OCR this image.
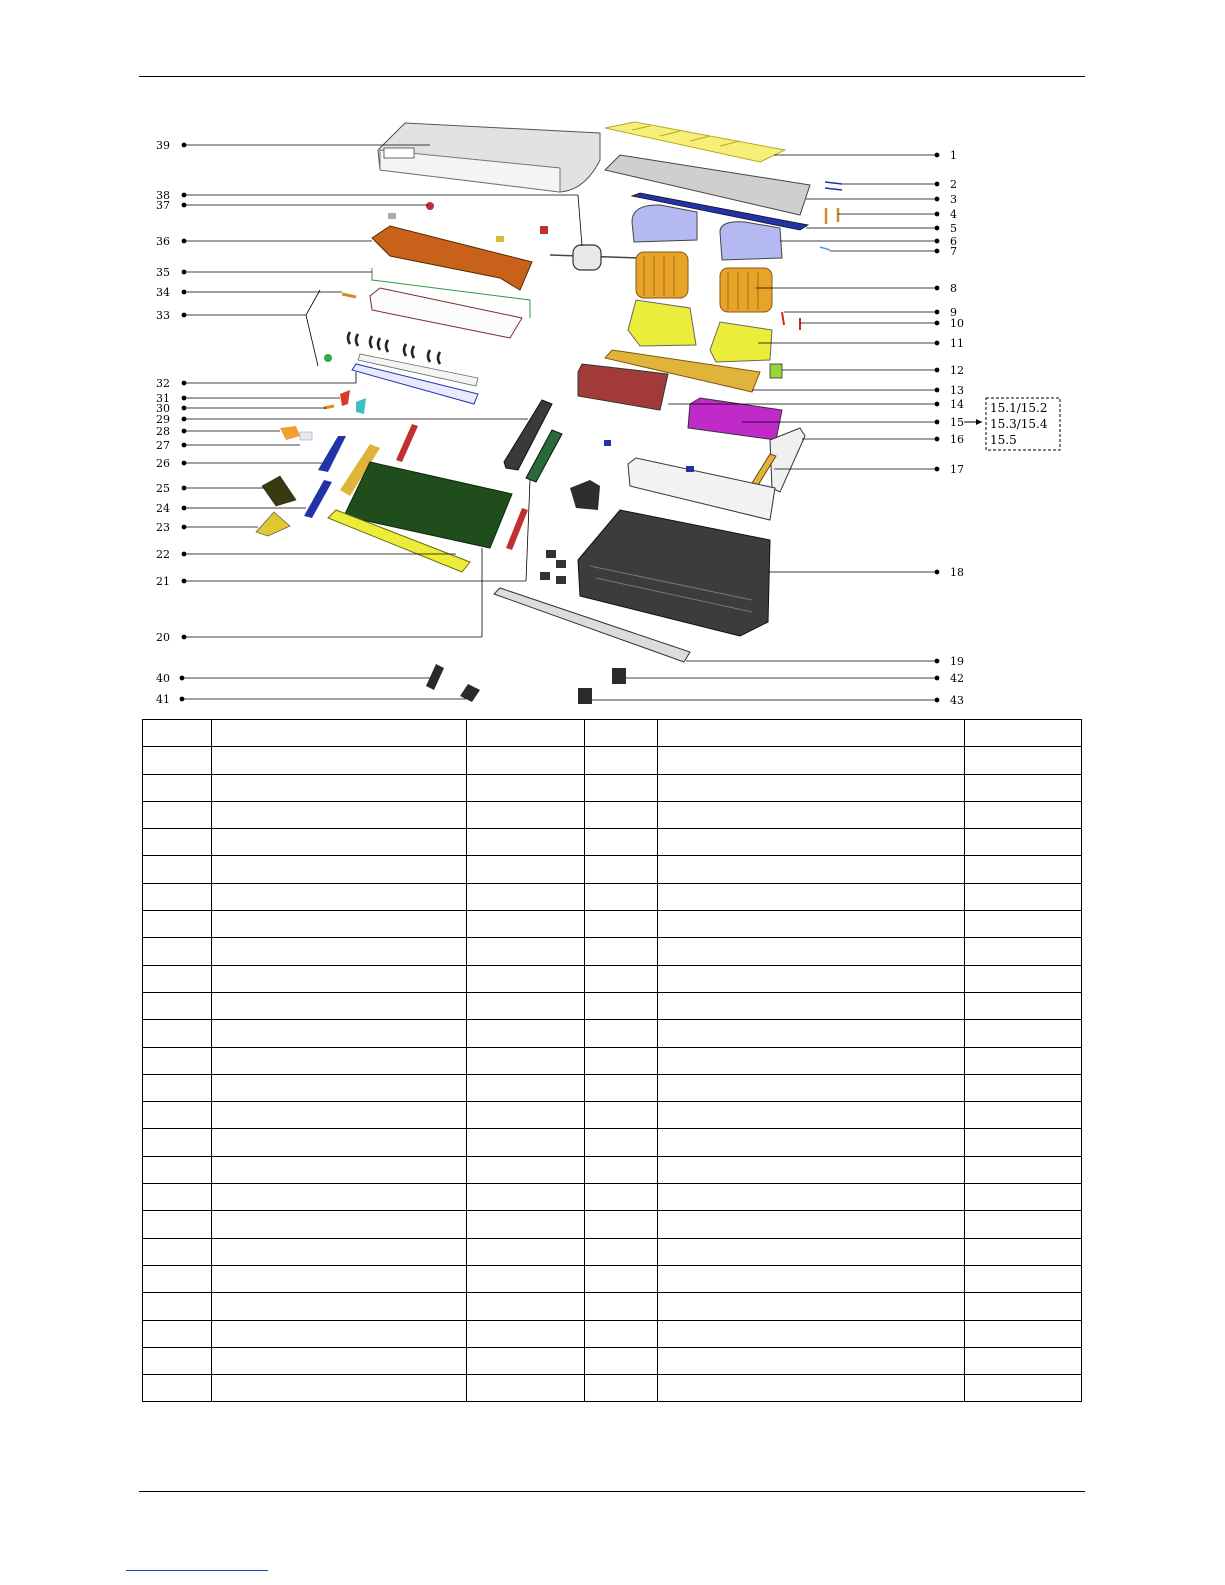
39
38
37
36
35
34
33
32
31
30
29
28
27
26
25
24
23
22
21
20
40
41
1
2
3
4
5
6
7
8
9
10
11
12
13
14
15
16
17
18
19
42
43
15.1/15.2
15.3/15.4
15.5
